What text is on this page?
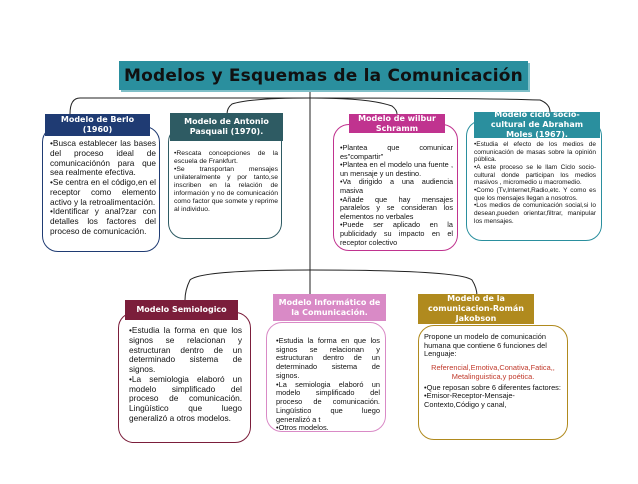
Modelos y Esquemas de la Comunicación
Modelo de Berlo (1960)

•Busca establecer las bases del proceso ideal de comunicaciónón para que sea realmente efectiva.

•Se centra en el código,en el receptor como elemento activo y la retroalimentación.

•Identificar y anal?zar con detalles los factores del proceso de comunicación.

Modelo de Antonio Pasquali (1970).

•Rescata concepciones de la escuela de Frankfurt.

•Se transportan mensajes unilateralmente y por tanto,se inscriben en la relación de información y no de comunicación como factor que somete y reprime al individuo.

Modelo de wilbur Schramm

•Plantea que comunicar es"compartir"

•Plantea en el modelo una fuente , un mensaje y un destino.

•Va dirigido a una audiencia masiva

•Añade que hay mensajes paralelos y se consideran los elementos no verbales

•Puede ser aplicado en la publicidady su impacto en el receptor colectivo

Modelo ciclo socio-cultural de Abraham Moles (1967).

•Estudia el efecto de los medios de comunicación de masas sobre la opinión pública.

•A este proceso se le llam Ciclo socio-cultural donde participan los medios masivos , micromedio u macromedio.

•Como (Tv,Internet,Radio,etc. Y como es que los mensajes llegan a nosotros.

•Los medios de comunicación social,si lo desean,pueden orientar,filtrar, manipular los mensajes.

Modelo Semiologico

•Estudia la forma en que los signos se relacionan y estructuran dentro de un determinado sistema de signos.

•La semiologia elaboró un modelo simplificado del proceso de comunicación. Lingüístico que luego generalizó a otros modelos.

Modelo Informático de la Comunicación.

•Estudia la forma en que los signos se relacionan y estructuran dentro de un determinado sistema de signos.

•La semiologia elaboró un modelo simplificado del proceso de comunicación. Lingüístico que luego generalizó a t

•Otros modelos.

Modelo de la comunicacion-Román Jakobson

Propone un modelo de comunicación humana que contiene 6 funciones del Lenguaje:

Referencial,Emotiva,Conativa,Fatica,, Metalinguistica,y poética.

•Que reposan sobre 6 diferentes factores:

•Emisor-Receptor-Mensaje-Contexto,Código y canal,
